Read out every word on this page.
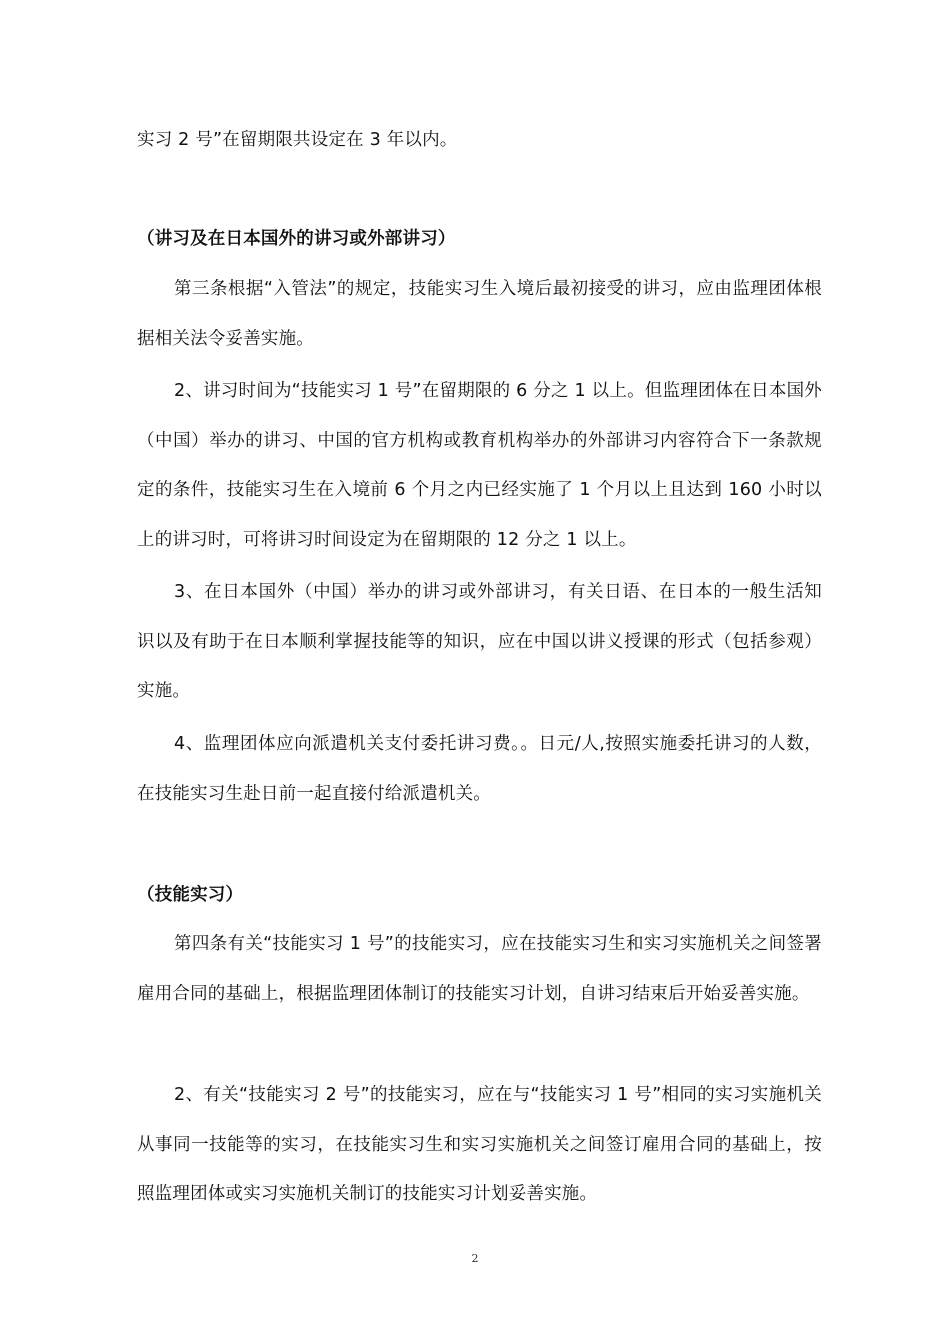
实习 2 号”在留期限共设定在 3 年以内。

（讲习及在日本国外的讲习或外部讲习）

第三条根据“入管法”的规定，技能实习生入境后最初接受的讲习，应由监理团体根据相关法令妥善实施。

2、讲习时间为“技能实习 1 号”在留期限的 6 分之 1 以上。但监理团体在日本国外（中国）举办的讲习、中国的官方机构或教育机构举办的外部讲习内容符合下一条款规定的条件，技能实习生在入境前 6 个月之内已经实施了 1 个月以上且达到 160 小时以上的讲习时，可将讲习时间设定为在留期限的 12 分之 1 以上。

3、在日本国外（中国）举办的讲习或外部讲习，有关日语、在日本的一般生活知识以及有助于在日本顺利掌握技能等的知识，应在中国以讲义授课的形式（包括参观）实施。

4、监理团体应向派遣机关支付委托讲习费。。日元/人,按照实施委托讲习的人数，在技能实习生赴日前一起直接付给派遣机关。

（技能实习）

第四条有关“技能实习 1 号”的技能实习，应在技能实习生和实习实施机关之间签署雇用合同的基础上，根据监理团体制订的技能实习计划，自讲习结束后开始妥善实施。

2、有关“技能实习 2 号”的技能实习，应在与“技能实习 1 号”相同的实习实施机关从事同一技能等的实习，在技能实习生和实习实施机关之间签订雇用合同的基础上，按照监理团体或实习实施机关制订的技能实习计划妥善实施。

2
